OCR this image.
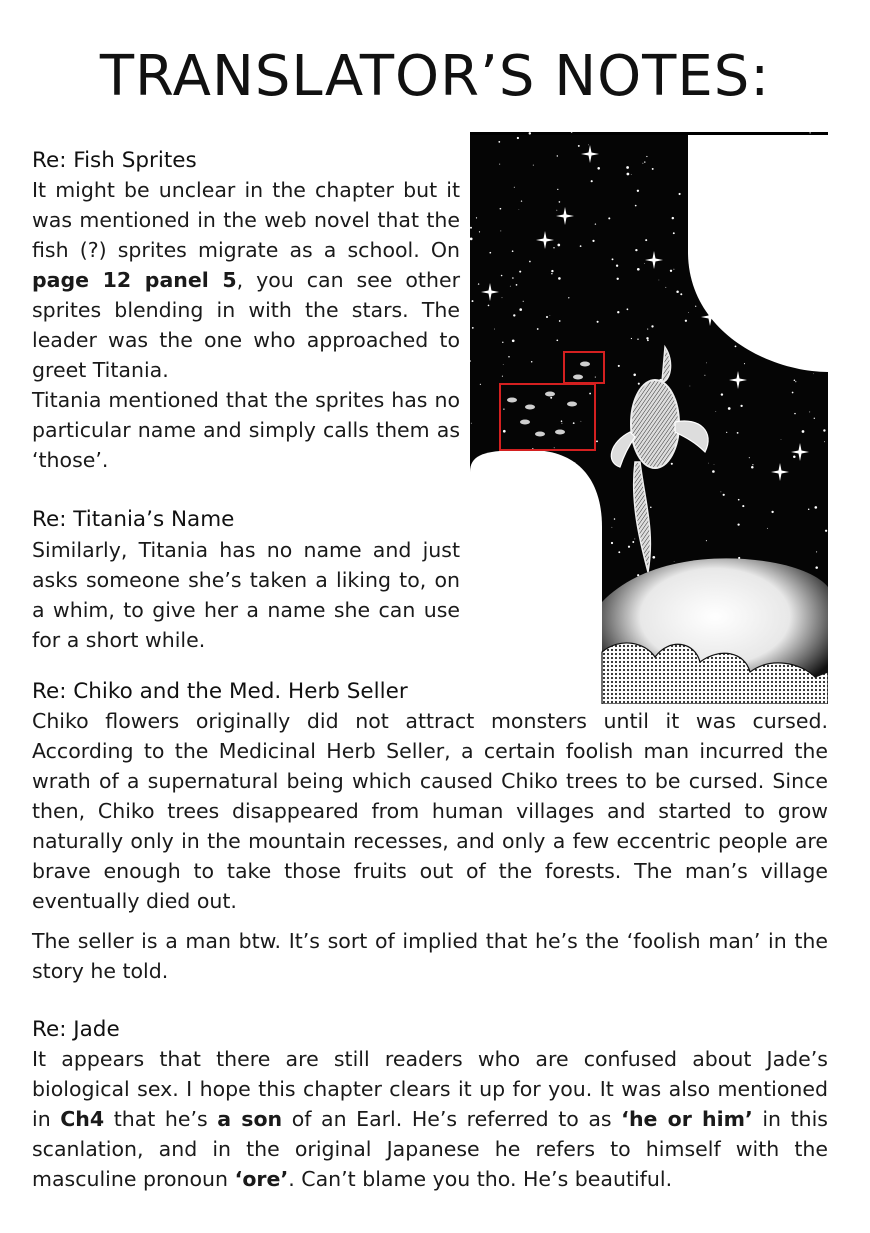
TRANSLATOR’S NOTES:
Re: Fish Sprites

It might be unclear in the chapter but it was mentioned in the web novel that the fish (?) sprites migrate as a school. On page 12 panel 5, you can see other sprites blending in with the stars. The leader was the one who approached to greet Titania.

Titania mentioned that the sprites has no particular name and simply calls them as ‘those’.

Re: Titania’s Name

Similarly, Titania has no name and just asks someone she’s taken a liking to, on a whim, to give her a name she can use for a short while.

Re: Chiko and the Med. Herb Seller

Chiko flowers originally did not attract monsters until it was cursed. According to the Medicinal Herb Seller, a certain foolish man incurred the wrath of a supernatural being which caused Chiko trees to be cursed. Since then, Chiko trees disappeared from human villages and started to grow naturally only in the mountain recesses, and only a few eccentric people are brave enough to take those fruits out of the forests. The man’s village eventually died out.

The seller is a man btw. It’s sort of implied that he’s the ‘foolish man’ in the story he told.

Re: Jade

It appears that there are still readers who are confused about Jade’s biological sex. I hope this chapter clears it up for you. It was also mentioned in Ch4 that he’s a son of an Earl. He’s referred to as ‘he or him’ in this scanlation, and in the original Japanese he refers to himself with the masculine pronoun ‘ore’. Can’t blame you tho. He’s beautiful.
